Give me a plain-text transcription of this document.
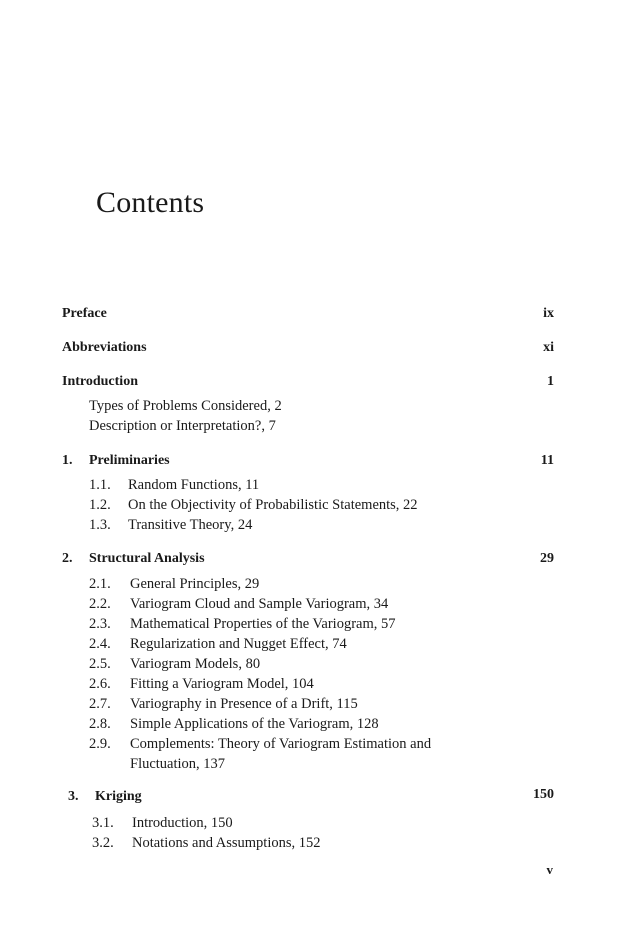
Contents
Preface	ix
Abbreviations	xi
Introduction	1
Types of Problems Considered, 2
Description or Interpretation?, 7
1. Preliminaries	11
1.1. Random Functions, 11
1.2. On the Objectivity of Probabilistic Statements, 22
1.3. Transitive Theory, 24
2. Structural Analysis	29
2.1. General Principles, 29
2.2. Variogram Cloud and Sample Variogram, 34
2.3. Mathematical Properties of the Variogram, 57
2.4. Regularization and Nugget Effect, 74
2.5. Variogram Models, 80
2.6. Fitting a Variogram Model, 104
2.7. Variography in Presence of a Drift, 115
2.8. Simple Applications of the Variogram, 128
2.9. Complements: Theory of Variogram Estimation and
Fluctuation, 137
3. Kriging	150
3.1. Introduction, 150
3.2. Notations and Assumptions, 152
v
